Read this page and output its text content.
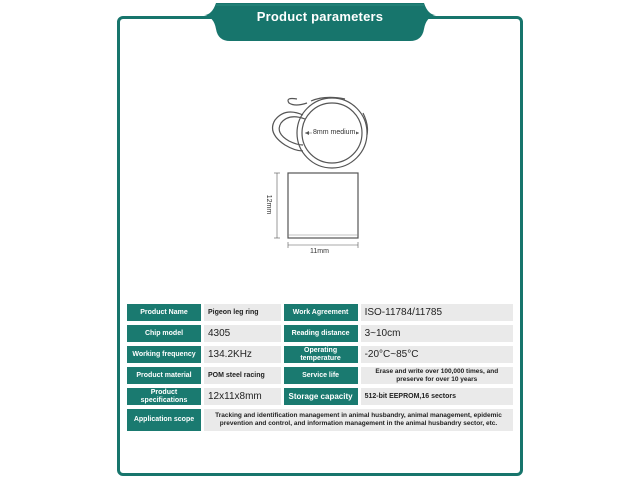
Product parameters
8mm medium
12mm
11mm
Product Name	Pigeon leg ring	Work Agreement	ISO-11784/11785
Chip model	4305	Reading distance	3~10cm
Working frequency	134.2KHz	Operating temperature	-20°C~85°C
Product material	POM steel racing	Service life	Erase and write over 100,000 times, and preserve for over 10 years
Product specifications	12x11x8mm	Storage capacity	512-bit EEPROM,16 sectors
Application scope	Tracking and identification management in animal husbandry, animal management, epidemic prevention and control, and information management in the animal husbandry sector, etc.		
